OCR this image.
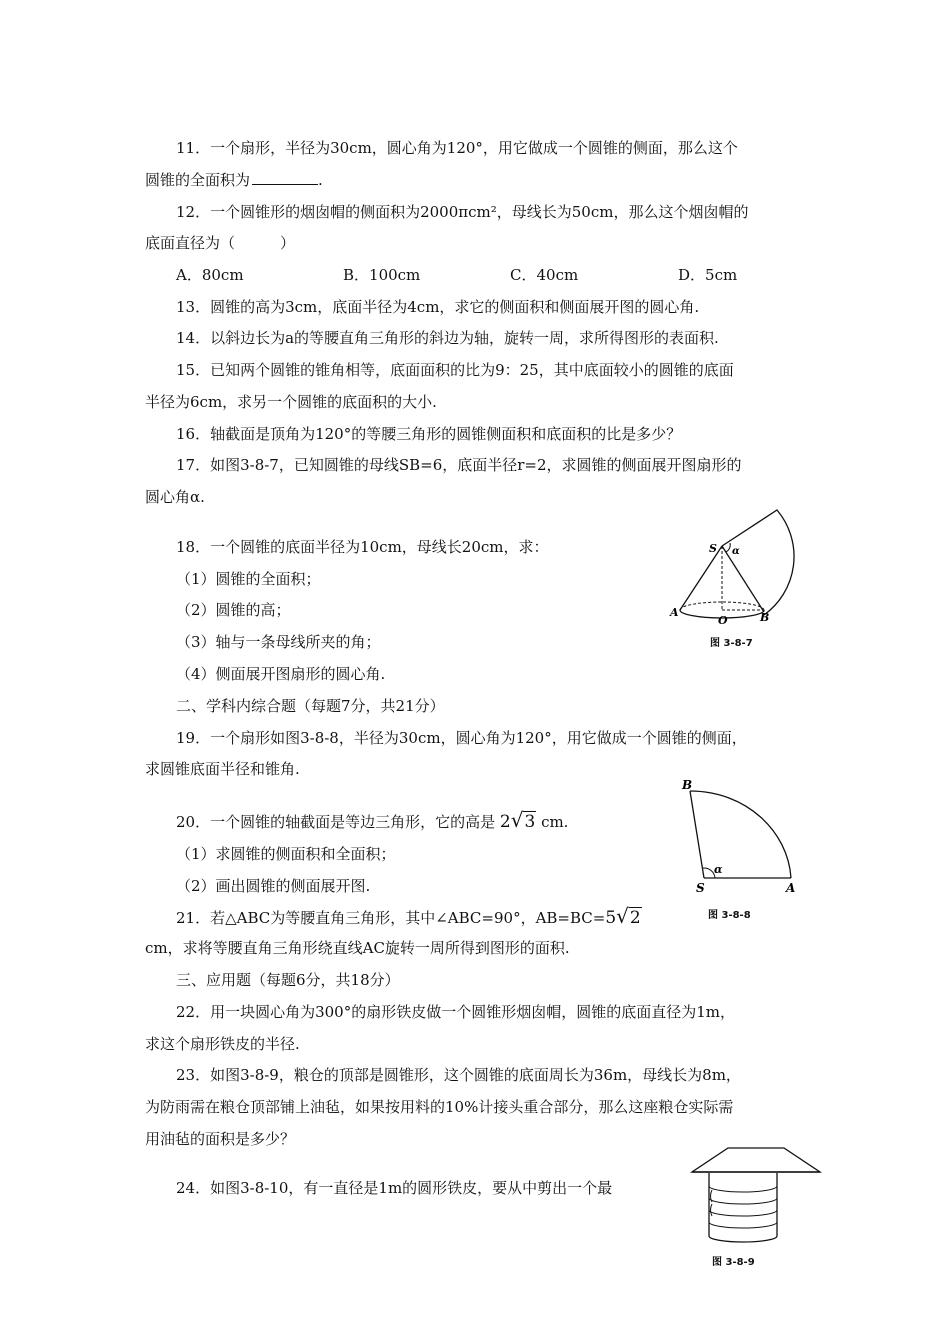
11．一个扇形，半径为30cm，圆心角为120°，用它做成一个圆锥的侧面，那么这个
圆锥的全面积为	.
12．一个圆锥形的烟囱帽的侧面积为2000πcm²，母线长为50cm，那么这个烟囱帽的
底面直径为（　　　）
A．80cm	B．100cm	C．40cm	D．5cm
13．圆锥的高为3cm，底面半径为4cm，求它的侧面积和侧面展开图的圆心角.
14．以斜边长为a的等腰直角三角形的斜边为轴，旋转一周，求所得图形的表面积.
15．已知两个圆锥的锥角相等，底面面积的比为9：25，其中底面较小的圆锥的底面
半径为6cm，求另一个圆锥的底面积的大小.
16．轴截面是顶角为120°的等腰三角形的圆锥侧面积和底面积的比是多少？
17．如图3-8-7，已知圆锥的母线SB=6，底面半径r=2，求圆锥的侧面展开图扇形的
圆心角α.
18．一个圆锥的底面半径为10cm，母线长20cm，求：
（1）圆锥的全面积；
（2）圆锥的高；
（3）轴与一条母线所夹的角；
（4）侧面展开图扇形的圆心角.
S α
A
O	B
图 3-8-7
二、学科内综合题（每题7分，共21分）
19．一个扇形如图3-8-8，半径为30cm，圆心角为120°，用它做成一个圆锥的侧面，
求圆锥底面半径和锥角.
B
α
S	A
图 3-8-8
20．一个圆锥的轴截面是等边三角形，它的高是 2√3 cm.
（1）求圆锥的侧面积和全面积；
（2）画出圆锥的侧面展开图.
21．若△ABC为等腰直角三角形，其中∠ABC=90°，AB=BC=5√2
cm，求将等腰直角三角形绕直线AC旋转一周所得到图形的面积.
三、应用题（每题6分，共18分）
22．用一块圆心角为300°的扇形铁皮做一个圆锥形烟囱帽，圆锥的底面直径为1m，
求这个扇形铁皮的半径.
23．如图3-8-9，粮仓的顶部是圆锥形，这个圆锥的底面周长为36m，母线长为8m，
为防雨需在粮仓顶部铺上油毡，如果按用料的10%计接头重合部分，那么这座粮仓实际需
用油毡的面积是多少？
24．如图3-8-10，有一直径是1m的圆形铁皮，要从中剪出一个最
图 3-8-9
